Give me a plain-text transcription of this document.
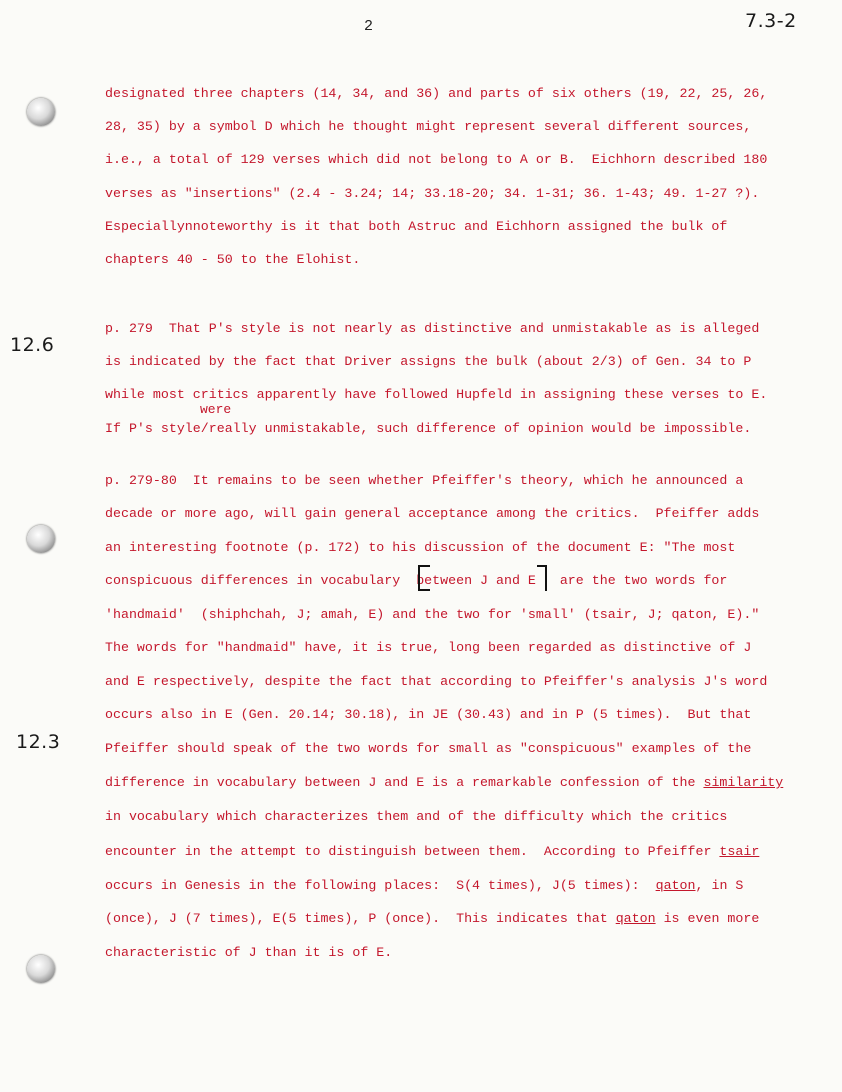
2	7.3-2
12.6
12.3
designated three chapters (14, 34, and 36) and parts of six others (19, 22, 25, 26,
28, 35) by a symbol D which he thought might represent several different sources,
i.e., a total of 129 verses which did not belong to A or B.  Eichhorn described 180
verses as "insertions" (2.4 - 3.24; 14; 33.18-20; 34. 1-31; 36. 1-43; 49. 1-27 ?).
Especiallynnoteworthy is it that both Astruc and Eichhorn assigned the bulk of
chapters 40 - 50 to the Elohist.
p. 279  That P's style is not nearly as distinctive and unmistakable as is alleged
is indicated by the fact that Driver assigns the bulk (about 2/3) of Gen. 34 to P
while most critics apparently have followed Hupfeld in assigning these verses to E.
were
If P's style/really unmistakable, such difference of opinion would be impossible.
p. 279-80  It remains to be seen whether Pfeiffer's theory, which he announced a
decade or more ago, will gain general acceptance among the critics.  Pfeiffer adds
an interesting footnote (p. 172) to his discussion of the document E: "The most
conspicuous differences in vocabulary  between J and E   are the two words for
'handmaid'  (shiphchah, J; amah, E) and the two for 'small' (tsair, J; qaton, E)."
The words for "handmaid" have, it is true, long been regarded as distinctive of J
and E respectively, despite the fact that according to Pfeiffer's analysis J's word
occurs also in E (Gen. 20.14; 30.18), in JE (30.43) and in P (5 times).  But that
Pfeiffer should speak of the two words for small as "conspicuous" examples of the
difference in vocabulary between J and E is a remarkable confession of the similarity
in vocabulary which characterizes them and of the difficulty which the critics
encounter in the attempt to distinguish between them.  According to Pfeiffer tsair
occurs in Genesis in the following places:  S(4 times), J(5 times):  qaton, in S
(once), J (7 times), E(5 times), P (once).  This indicates that qaton is even more
characteristic of J than it is of E.
